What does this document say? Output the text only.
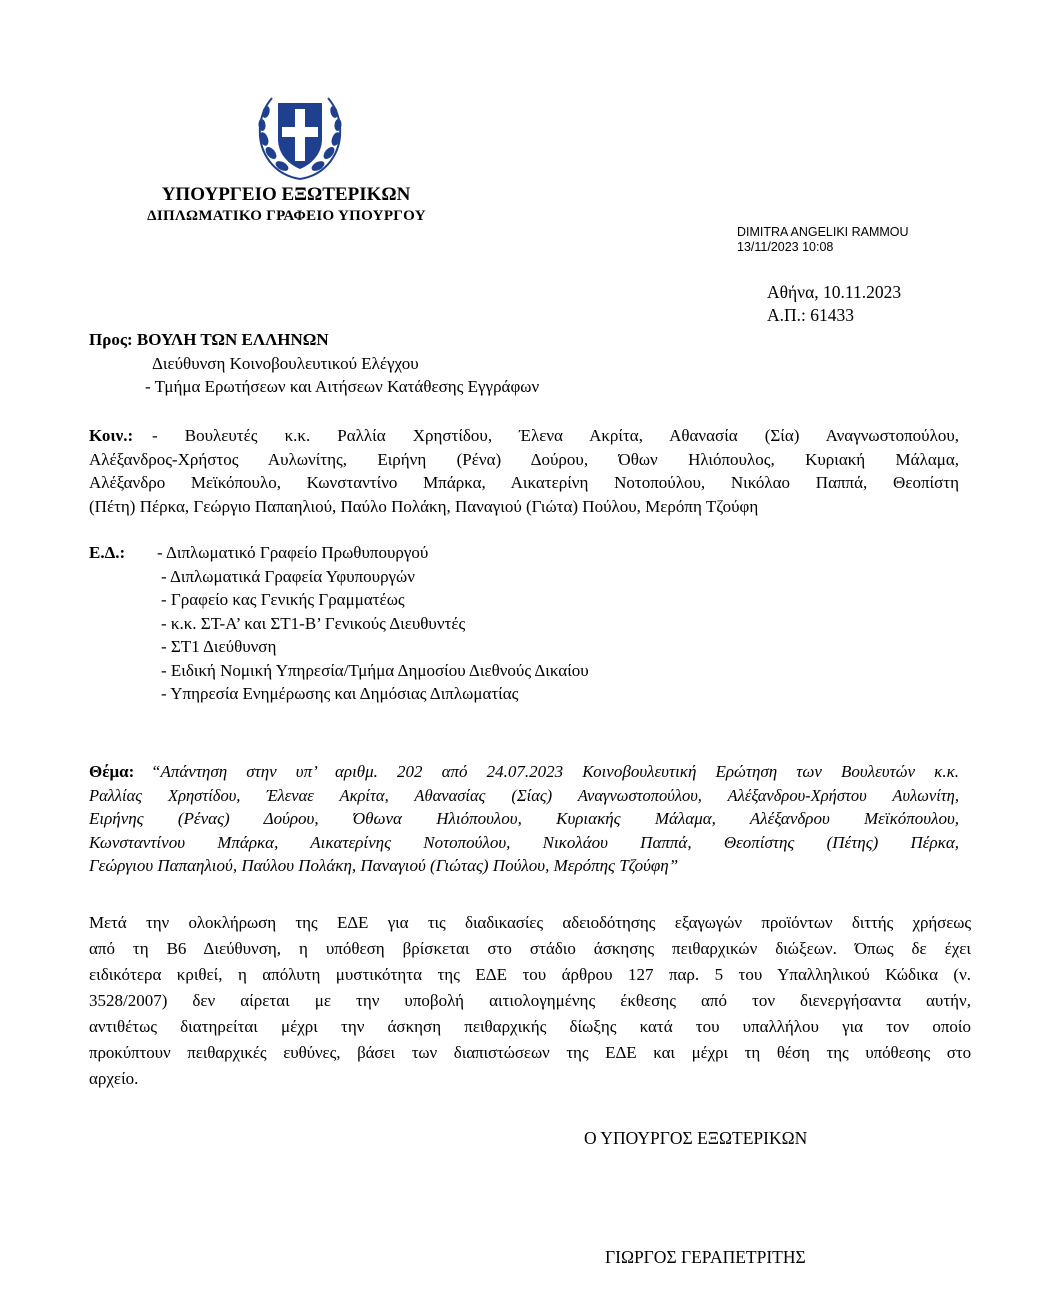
ΥΠΟΥΡΓΕΙΟ ΕΞΩΤΕΡΙΚΩΝ
ΔΙΠΛΩΜΑΤΙΚΟ ΓΡΑΦΕΙΟ ΥΠΟΥΡΓΟΥ
DIMITRA ANGELIKI RAMMOU
13/11/2023 10:08
Αθήνα, 10.11.2023
Α.Π.: 61433
Προς: ΒΟΥΛΗ ΤΩΝ ΕΛΛΗΝΩΝ
Διεύθυνση Κοινοβουλευτικού Ελέγχου
- Τμήμα Ερωτήσεων και Αιτήσεων Κατάθεσης Εγγράφων
Κοιν.: - Βουλευτές κ.κ. Ραλλία Χρηστίδου, Έλενα Ακρίτα, Αθανασία (Σία) Αναγνωστοπούλου,
Αλέξανδρος-Χρήστος Αυλωνίτης, Ειρήνη (Ρένα) Δούρου, Όθων Ηλιόπουλος, Κυριακή Μάλαμα,
Αλέξανδρο Μεϊκόπουλο, Κωνσταντίνο Μπάρκα, Αικατερίνη Νοτοπούλου, Νικόλαο Παππά, Θεοπίστη
(Πέτη) Πέρκα, Γεώργιο Παπαηλιού, Παύλο Πολάκη, Παναγιού (Γιώτα) Πούλου, Μερόπη Τζούφη
Ε.Δ.: - Διπλωματικό Γραφείο Πρωθυπουργού
- Διπλωματικά Γραφεία Υφυπουργών
- Γραφείο κας Γενικής Γραμματέως
- κ.κ. ΣΤ-Α’ και ΣΤ1-Β’ Γενικούς Διευθυντές
- ΣΤ1 Διεύθυνση
- Ειδική Νομική Υπηρεσία/Τμήμα Δημοσίου Διεθνούς Δικαίου
- Υπηρεσία Ενημέρωσης και Δημόσιας Διπλωματίας
Θέμα: “Απάντηση στην υπ’ αριθμ. 202 από 24.07.2023 Κοινοβουλευτική Ερώτηση των Βουλευτών κ.κ.
Ραλλίας Χρηστίδου, Έλεναε Ακρίτα, Αθανασίας (Σίας) Αναγνωστοπούλου, Αλέξανδρου-Χρήστου Αυλωνίτη,
Ειρήνης (Ρένας) Δούρου, Όθωνα Ηλιόπουλου, Κυριακής Μάλαμα, Αλέξανδρου Μεϊκόπουλου,
Κωνσταντίνου Μπάρκα, Αικατερίνης Νοτοπούλου, Νικολάου Παππά, Θεοπίστης (Πέτης) Πέρκα,
Γεώργιου Παπαηλιού, Παύλου Πολάκη, Παναγιού (Γιώτας) Πούλου, Μερόπης Τζούφη”
Μετά την ολοκλήρωση της ΕΔΕ για τις διαδικασίες αδειοδότησης εξαγωγών προϊόντων διττής χρήσεως
από τη Β6 Διεύθυνση, η υπόθεση βρίσκεται στο στάδιο άσκησης πειθαρχικών διώξεων. Όπως δε έχει
ειδικότερα κριθεί, η απόλυτη μυστικότητα της ΕΔΕ του άρθρου 127 παρ. 5 του Υπαλληλικού Κώδικα (ν.
3528/2007) δεν αίρεται με την υποβολή αιτιολογημένης έκθεσης από τον διενεργήσαντα αυτήν,
αντιθέτως διατηρείται μέχρι την άσκηση πειθαρχικής δίωξης κατά του υπαλλήλου για τον οποίο
προκύπτουν πειθαρχικές ευθύνες, βάσει των διαπιστώσεων της ΕΔΕ και μέχρι τη θέση της υπόθεσης στο
αρχείο.
Ο ΥΠΟΥΡΓΟΣ ΕΞΩΤΕΡΙΚΩΝ
ΓΙΩΡΓΟΣ ΓΕΡΑΠΕΤΡΙΤΗΣ
